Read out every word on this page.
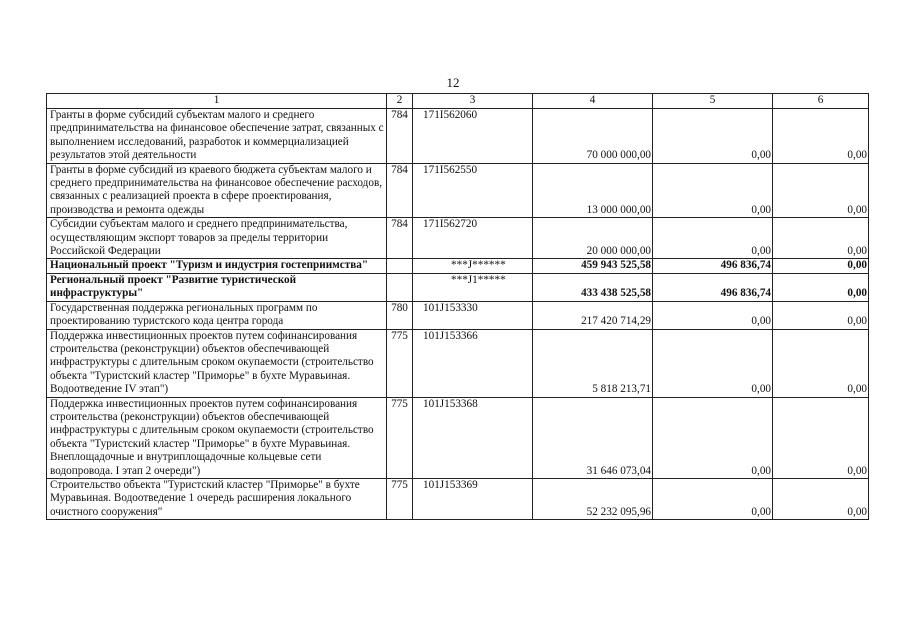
12
1	2	3	4	5	6
Гранты в форме субсидий субъектам малого и среднего предпринимательства на финансовое обеспечение затрат, связанных с выполнением исследований, разработок и коммерциализацией результатов этой деятельности	784	171I562060	70 000 000,00	0,00	0,00
Гранты в форме субсидий из краевого бюджета субъектам малого и среднего предпринимательства на финансовое обеспечение расходов, связанных с реализацией проекта в сфере проектирования, производства и ремонта одежды	784	171I562550	13 000 000,00	0,00	0,00
Субсидии субъектам малого и среднего предпринимательства, осуществляющим экспорт товаров за пределы территории Российской Федерации	784	171I562720	20 000 000,00	0,00	0,00
Национальный проект "Туризм и индустрия гостеприимства"		***J******	459 943 525,58	496 836,74	0,00
Региональный проект "Развитие туристической инфраструктуры"		***J1*****	433 438 525,58	496 836,74	0,00
Государственная поддержка региональных программ по проектированию туристского кода центра города	780	101J153330	217 420 714,29	0,00	0,00
Поддержка инвестиционных проектов путем софинансирования строительства (реконструкции) объектов обеспечивающей инфраструктуры с длительным сроком окупаемости (строительство объекта "Туристский кластер "Приморье" в бухте Муравьиная. Водоотведение IV этап")	775	101J153366	5 818 213,71	0,00	0,00
Поддержка инвестиционных проектов путем софинансирования строительства (реконструкции) объектов обеспечивающей инфраструктуры с длительным сроком окупаемости (строительство объекта "Туристский кластер "Приморье" в бухте Муравьиная. Внеплощадочные и внутриплощадочные кольцевые сети водопровода. I этап 2 очереди")	775	101J153368	31 646 073,04	0,00	0,00
Строительство объекта "Туристский кластер "Приморье" в бухте Муравьиная. Водоотведение 1 очередь расширения локального очистного сооружения"	775	101J153369	52 232 095,96	0,00	0,00
